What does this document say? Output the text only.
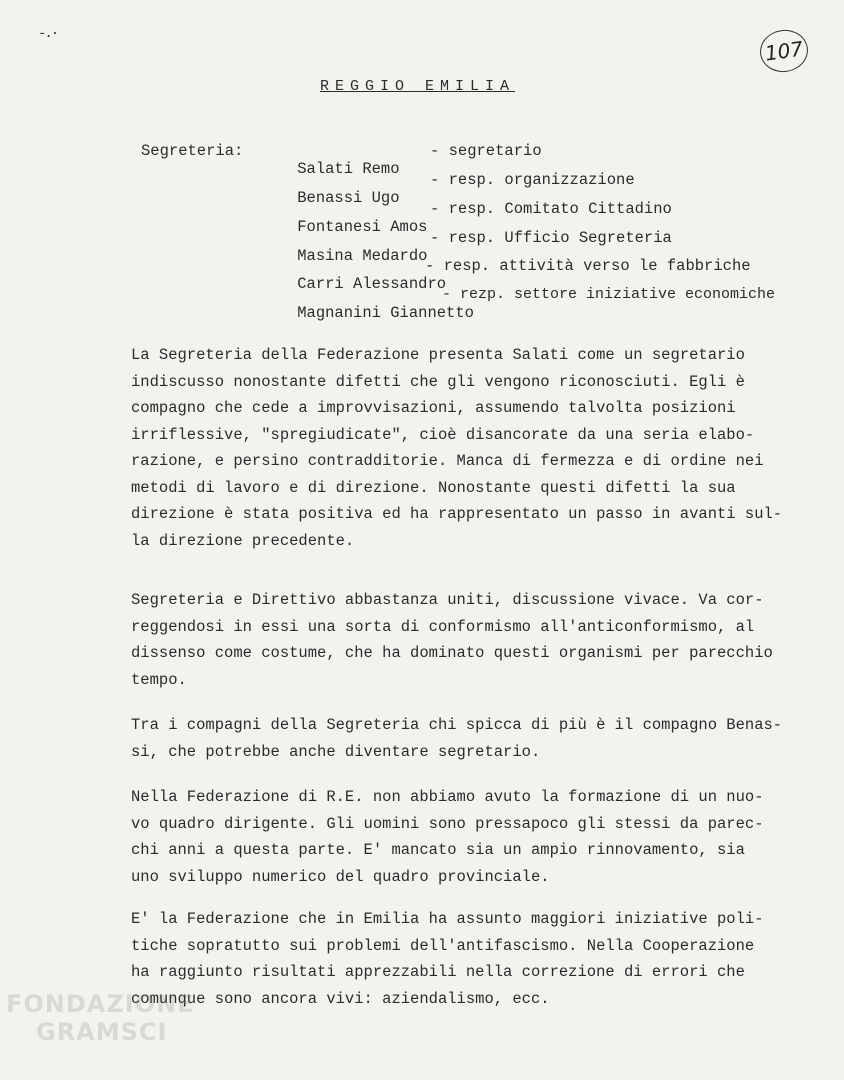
-.·
107
REGGIO EMILIA
Segreteria:

Salati Remo

- segretario

Benassi Ugo

- resp. organizzazione

Fontanesi Amos

- resp. Comitato Cittadino

Masina Medardo

- resp. Ufficio Segreteria

Carri Alessandro

- resp. attività verso le fabbriche

Magnanini Giannetto

- rezp. settore iniziative economiche
La Segreteria della Federazione presenta Salati come un segretario
indiscusso nonostante difetti che gli vengono riconosciuti. Egli è
compagno che cede a improvvisazioni, assumendo talvolta posizioni
irriflessive, "spregiudicate", cioè disancorate da una seria elabo-
razione, e persino contradditorie. Manca di fermezza e di ordine nei
metodi di lavoro e di direzione. Nonostante questi difetti la sua
direzione è stata positiva ed ha rappresentato un passo in avanti sul-
la direzione precedente.
Segreteria e Direttivo abbastanza uniti, discussione vivace. Va cor-
reggendosi in essi una sorta di conformismo all'anticonformismo, al
dissenso come costume, che ha dominato questi organismi per parecchio
tempo.
Tra i compagni della Segreteria chi spicca di più è il compagno Benas-
si, che potrebbe anche diventare segretario.
Nella Federazione di R.E. non abbiamo avuto la formazione di un nuo-
vo quadro dirigente. Gli uomini sono pressapoco gli stessi da parec-
chi anni a questa parte. E' mancato sia un ampio rinnovamento, sia
uno sviluppo numerico del quadro provinciale.
E' la Federazione che in Emilia ha assunto maggiori iniziative poli-
tiche sopratutto sui problemi dell'antifascismo. Nella Cooperazione
ha raggiunto risultati apprezzabili nella correzione di errori che
comunque sono ancora vivi: aziendalismo, ecc.
FONDAZIONE
GRAMSCI
